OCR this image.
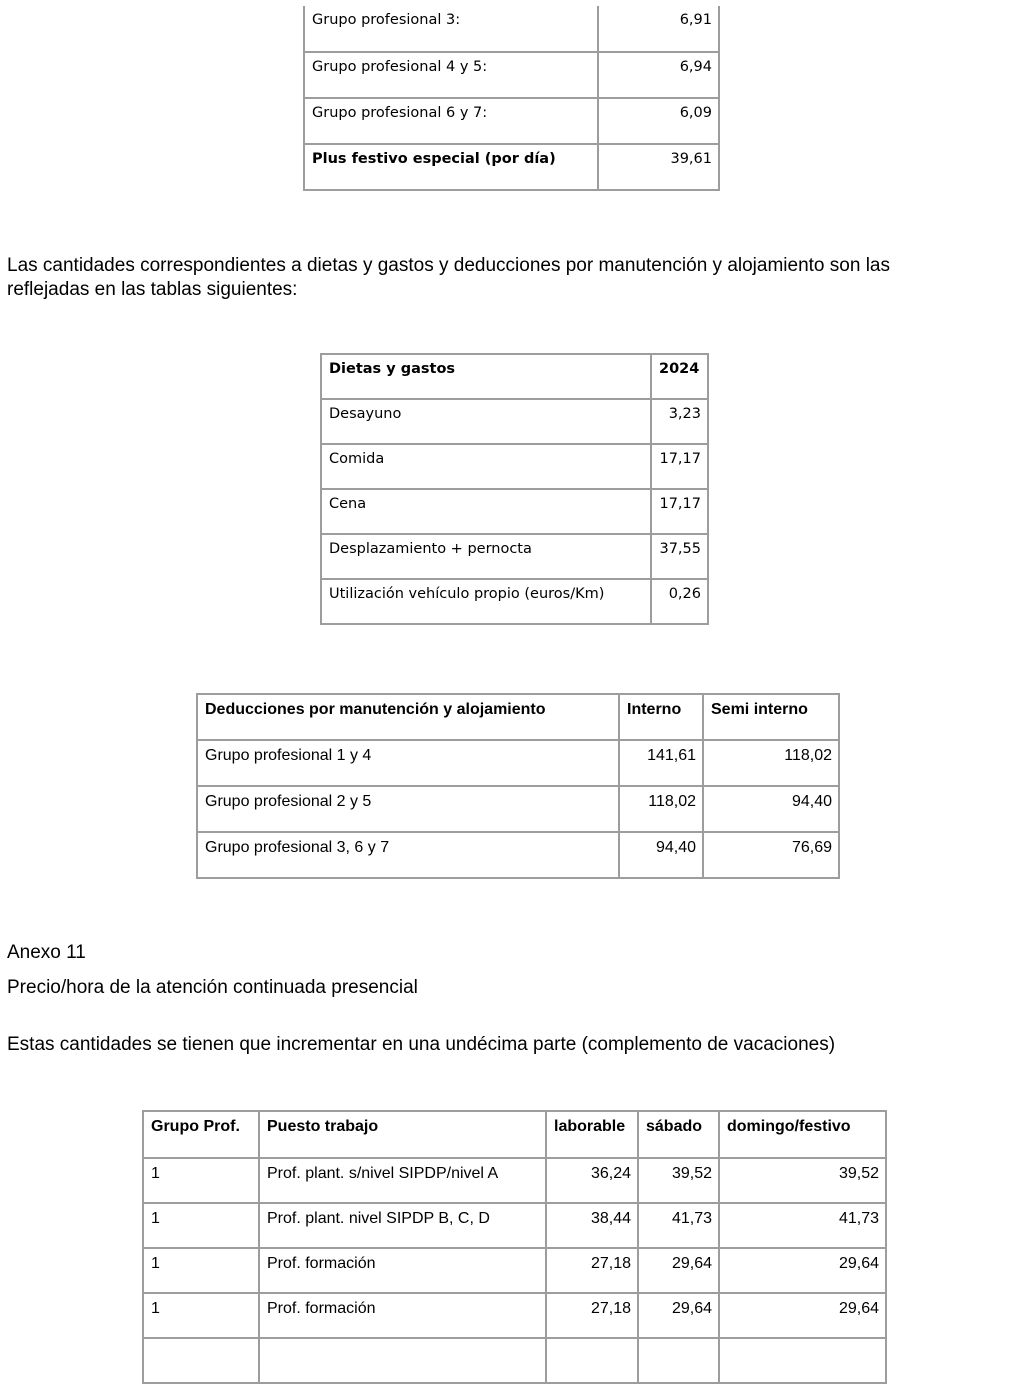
Grupo profesional 3:	6,91
Grupo profesional 4 y 5:	6,94
Grupo profesional 6 y 7:	6,09
Plus festivo especial (por día)	39,61
Las cantidades correspondientes a dietas y gastos y deducciones por manutención y alojamiento son las reflejadas en las tablas siguientes:
Dietas y gastos	2024
Desayuno	3,23
Comida	17,17
Cena	17,17
Desplazamiento + pernocta	37,55
Utilización vehículo propio (euros/Km)	0,26
Deducciones por manutención y alojamiento	Interno	Semi interno
Grupo profesional 1 y 4	141,61	118,02
Grupo profesional 2 y 5	118,02	94,40
Grupo profesional 3, 6 y 7	94,40	76,69
Anexo 11
Precio/hora de la atención continuada presencial
Estas cantidades se tienen que incrementar en una undécima parte (complemento de vacaciones)
Grupo Prof.	Puesto trabajo	laborable	sábado	domingo/festivo
1	Prof. plant. s/nivel SIPDP/nivel A	36,24	39,52	39,52
1	Prof. plant. nivel SIPDP B, C, D	38,44	41,73	41,73
1	Prof. formación	27,18	29,64	29,64
1	Prof. formación	27,18	29,64	29,64
